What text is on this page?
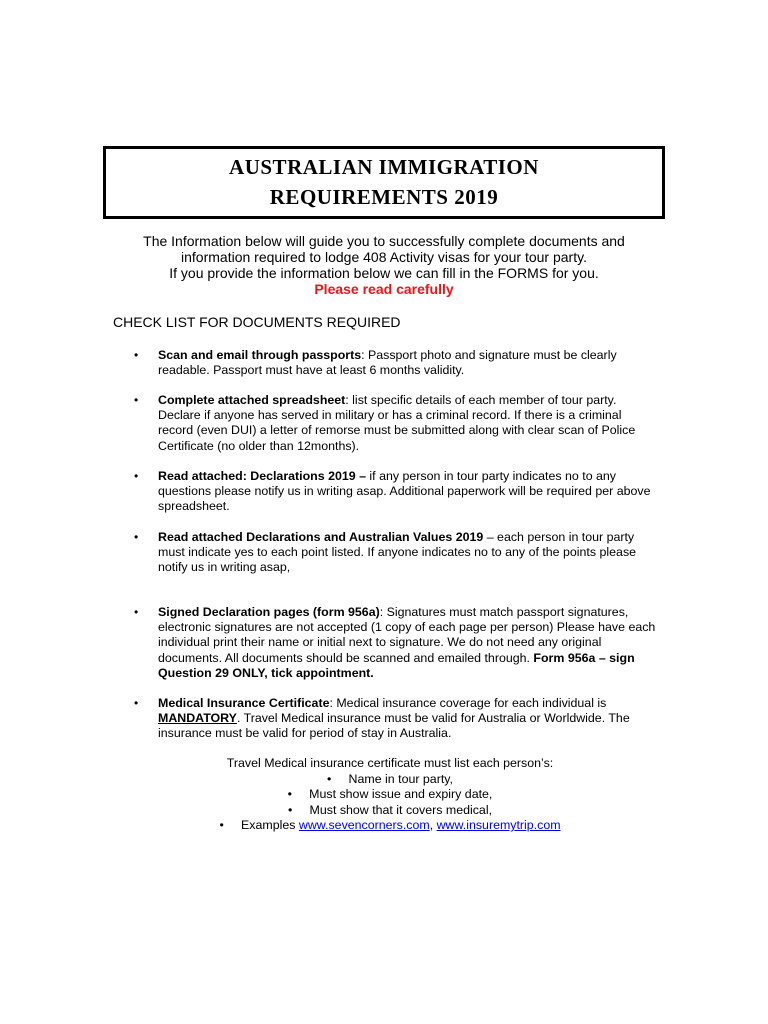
AUSTRALIAN IMMIGRATION
REQUIREMENTS 2019
The Information below will guide you to successfully complete documents and
information required to lodge 408 Activity visas for your tour party.
If you provide the information below we can fill in the FORMS for you.
Please read carefully
CHECK LIST FOR DOCUMENTS REQUIRED
• Scan and email through passports: Passport photo and signature must be clearly readable. Passport must have at least 6 months validity.
• Complete attached spreadsheet: list specific details of each member of tour party. Declare if anyone has served in military or has a criminal record. If there is a criminal record (even DUI) a letter of remorse must be submitted along with clear scan of Police Certificate (no older than 12months).
• Read attached: Declarations 2019 – if any person in tour party indicates no to any questions please notify us in writing asap. Additional paperwork will be required per above spreadsheet.
• Read attached Declarations and Australian Values 2019 – each person in tour party must indicate yes to each point listed. If anyone indicates no to any of the points please notify us in writing asap,
• Signed Declaration pages (form 956a): Signatures must match passport signatures, electronic signatures are not accepted (1 copy of each page per person) Please have each individual print their name or initial next to signature. We do not need any original documents. All documents should be scanned and emailed through. Form 956a – sign Question 29 ONLY, tick appointment.
• Medical Insurance Certificate: Medical insurance coverage for each individual is MANDATORY. Travel Medical insurance must be valid for Australia or Worldwide. The insurance must be valid for period of stay in Australia.
Travel Medical insurance certificate must list each person’s:
• Name in tour party,
• Must show issue and expiry date,
• Must show that it covers medical,
• Examples www.sevencorners.com, www.insuremytrip.com
